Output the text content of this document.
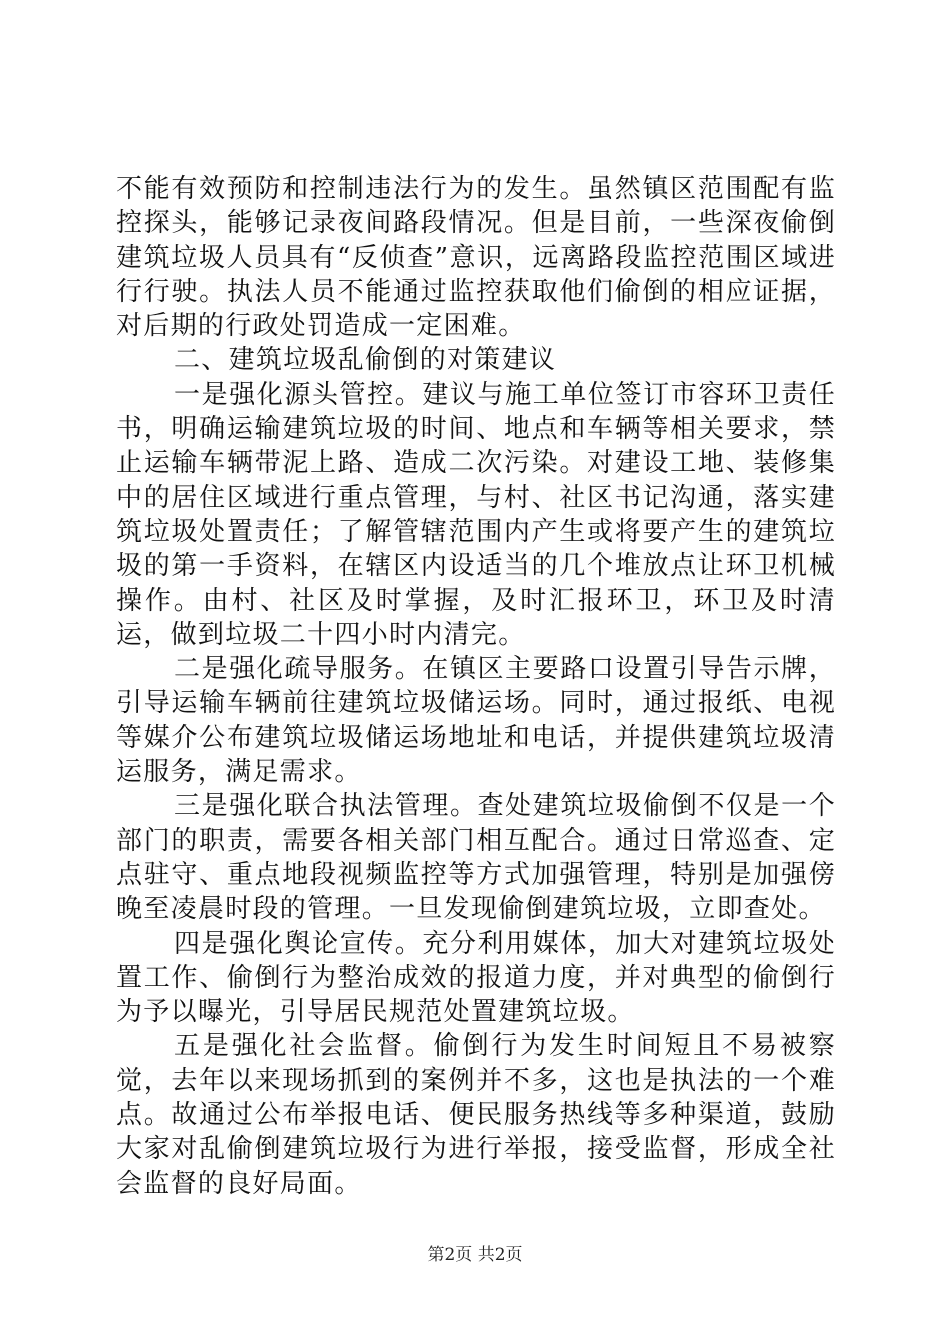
不能有效预防和控制违法行为的发生。虽然镇区范围配有监控探头，能够记录夜间路段情况。但是目前，一些深夜偷倒建筑垃圾人员具有“反侦查”意识，远离路段监控范围区域进行行驶。执法人员不能通过监控获取他们偷倒的相应证据，对后期的行政处罚造成一定困难。

二、建筑垃圾乱偷倒的对策建议

一是强化源头管控。建议与施工单位签订市容环卫责任书，明确运输建筑垃圾的时间、地点和车辆等相关要求，禁止运输车辆带泥上路、造成二次污染。对建设工地、装修集中的居住区域进行重点管理，与村、社区书记沟通，落实建筑垃圾处置责任；了解管辖范围内产生或将要产生的建筑垃圾的第一手资料，在辖区内设适当的几个堆放点让环卫机械操作。由村、社区及时掌握，及时汇报环卫，环卫及时清运，做到垃圾二十四小时内清完。

二是强化疏导服务。在镇区主要路口设置引导告示牌，引导运输车辆前往建筑垃圾储运场。同时，通过报纸、电视等媒介公布建筑垃圾储运场地址和电话，并提供建筑垃圾清运服务，满足需求。

三是强化联合执法管理。查处建筑垃圾偷倒不仅是一个部门的职责，需要各相关部门相互配合。通过日常巡查、定点驻守、重点地段视频监控等方式加强管理，特别是加强傍晚至凌晨时段的管理。一旦发现偷倒建筑垃圾，立即查处。

四是强化舆论宣传。充分利用媒体，加大对建筑垃圾处置工作、偷倒行为整治成效的报道力度，并对典型的偷倒行为予以曝光，引导居民规范处置建筑垃圾。

五是强化社会监督。偷倒行为发生时间短且不易被察觉，去年以来现场抓到的案例并不多，这也是执法的一个难点。故通过公布举报电话、便民服务热线等多种渠道，鼓励大家对乱偷倒建筑垃圾行为进行举报，接受监督，形成全社会监督的良好局面。

第2页 共2页
